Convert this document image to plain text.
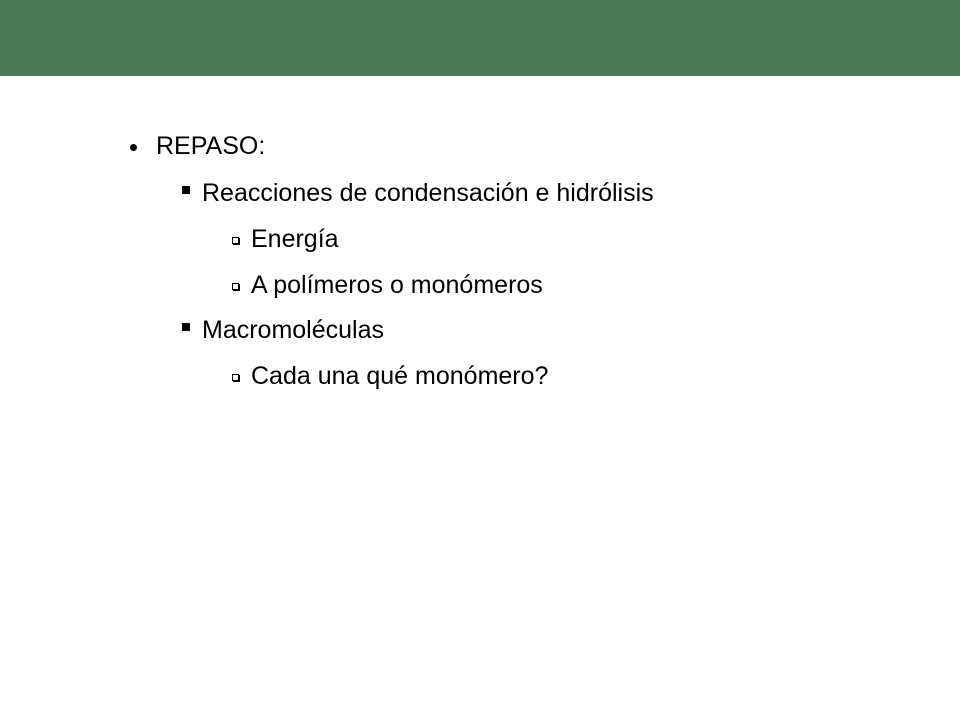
REPASO:
Reacciones de condensación e hidrólisis
Energía
A polímeros o monómeros
Macromoléculas
Cada una qué monómero?
